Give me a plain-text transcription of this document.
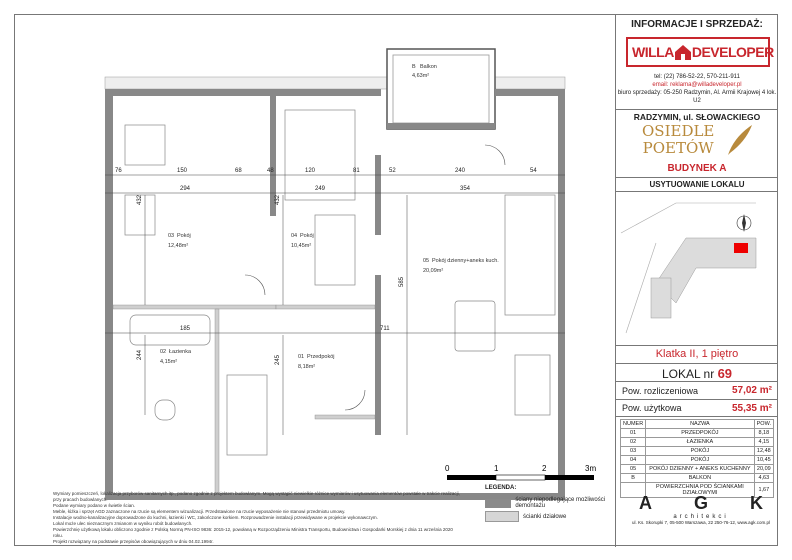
76	150	68	48	120	81	52	240	54
294	249	354
185	711
432	432
585
244	245
B Balkon
4,63m²
03 Pokój
12,48m²
04 Pokój
10,45m²
05 Pokój dzienny+aneks kuch.
20,09m²
02 Łazienka
4,15m²
01 Przedpokój
8,18m²
0	1	2	3m
LEGENDA:
ściany niepodlegające możliwości demontażu
ścianki działowe
Wymiary pomieszczeń, lokalizacja przyborów sanitarnych itp., podano zgodnie z projektem budowlanym. Mogą wystąpić niewielkie różnice wymiarów i usytuowania elementów powstałe w trakcie realizacji, przy pracach budowlanych.
Podane wymiary podano w świetle ścian.
Meble, łóżka i sprzęt AGD zaznaczone na rzucie są elementem wizualizacji. Przedstawione na rzucie wyposażenie nie stanowi przedmiotu umowy.
Instalacje wodno-kanalizacyjne doprowadzone do kuchni, łazienki i WC, zakończone korkiem. Rozprowadzenie instalacji przewidywane w projekcie wykonawczym.
Lokal może ulec nieznacznym zmianom w wyniku robót budowlanych.
Powierzchnię użytkową lokalu obliczono zgodnie z Polską Normą PN-ISO 9836: 2015-12, powołaną w Rozporządzeniu Ministra Transportu, Budownictwa i Gospodarki Morskiej z dnia 11 września 2020 roku.
Projekt rozwiązany na podstawie przepisów obowiązujących w dniu 04.02.1994r.
INFORMACJE I SPRZEDAŻ:
WILLA DEVELOPER
tel: (22) 786-52-22, 570-211-911
email: reklama@willadeveloper.pl
biuro sprzedaży: 05-250 Radzymin, Al. Armii Krajowej 4 lok. U2
RADZYMIN, ul. SŁOWACKIEGO
OSIEDLE
POETÓW
BUDYNEK A
USYTUOWANIE LOKALU
Klatka II, 1 piętro
LOKAL nr 69
Pow. rozliczeniowa	57,02 m²
Pow. użytkowa	55,35 m²
NUMER	NAZWA	POW.
01	PRZEDPOKÓJ	8,18
02	ŁAZIENKA	4,15
03	POKÓJ	12,48
04	POKÓJ	10,45
05	POKÓJ DZIENNY + ANEKS KUCHENNY	20,09
B	BALKON	4,63
	POWIERZCHNIA POD ŚCIANKAMI DZIAŁOWYMI	1,67
A G K
architekci
ul. Ks. Skorupki 7, 05-500 Warszawa, 22 250-76-12, www.agk.com.pl
